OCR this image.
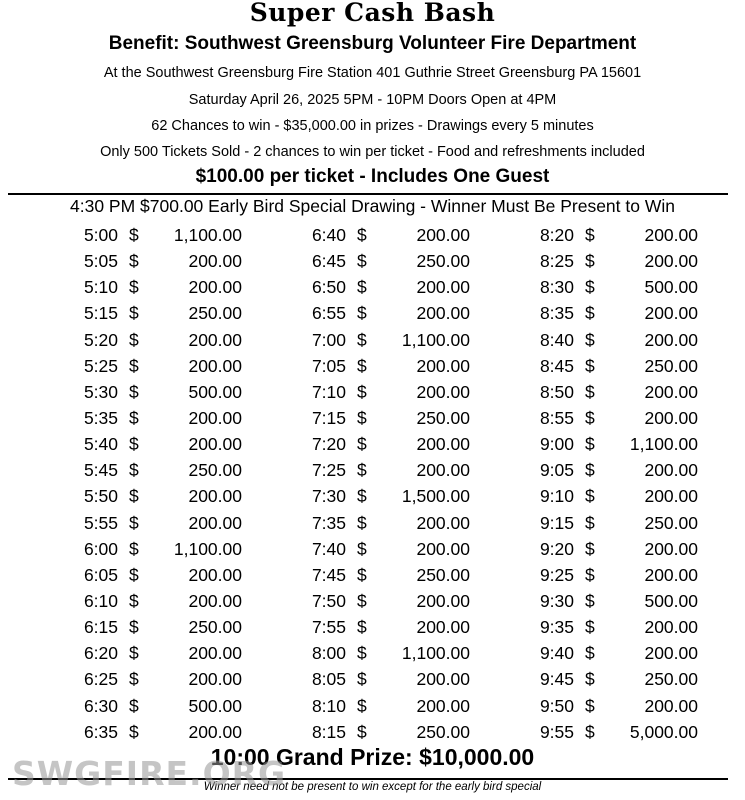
Super Cash Bash
Benefit: Southwest Greensburg Volunteer Fire Department
At the Southwest Greensburg Fire Station 401 Guthrie Street Greensburg PA 15601
Saturday April 26, 2025 5PM - 10PM Doors Open at 4PM
62 Chances to win - $35,000.00 in prizes - Drawings every 5 minutes
Only 500 Tickets Sold - 2 chances to win per ticket - Food and refreshments included
$100.00 per ticket - Includes One Guest
4:30 PM $700.00 Early Bird Special Drawing - Winner Must Be Present to Win
5:00 $	1,100.00
5:05 $	200.00
5:10 $	200.00
5:15 $	250.00
5:20 $	200.00
5:25 $	200.00
5:30 $	500.00
5:35 $	200.00
5:40 $	200.00
5:45 $	250.00
5:50 $	200.00
5:55 $	200.00
6:00 $	1,100.00
6:05 $	200.00
6:10 $	200.00
6:15 $	250.00
6:20 $	200.00
6:25 $	200.00
6:30 $	500.00
6:35 $	200.00
6:40 $	200.00
6:45 $	250.00
6:50 $	200.00
6:55 $	200.00
7:00 $	1,100.00
7:05 $	200.00
7:10 $	200.00
7:15 $	250.00
7:20 $	200.00
7:25 $	200.00
7:30 $	1,500.00
7:35 $	200.00
7:40 $	200.00
7:45 $	250.00
7:50 $	200.00
7:55 $	200.00
8:00 $	1,100.00
8:05 $	200.00
8:10 $	200.00
8:15 $	250.00
8:20 $	200.00
8:25 $	200.00
8:30 $	500.00
8:35 $	200.00
8:40 $	200.00
8:45 $	250.00
8:50 $	200.00
8:55 $	200.00
9:00 $	1,100.00
9:05 $	200.00
9:10 $	200.00
9:15 $	250.00
9:20 $	200.00
9:25 $	200.00
9:30 $	500.00
9:35 $	200.00
9:40 $	200.00
9:45 $	250.00
9:50 $	200.00
9:55 $	5,000.00
10:00 Grand Prize: $10,000.00
Winner need not be present to win except for the early bird special
SWGFIRE.ORG
